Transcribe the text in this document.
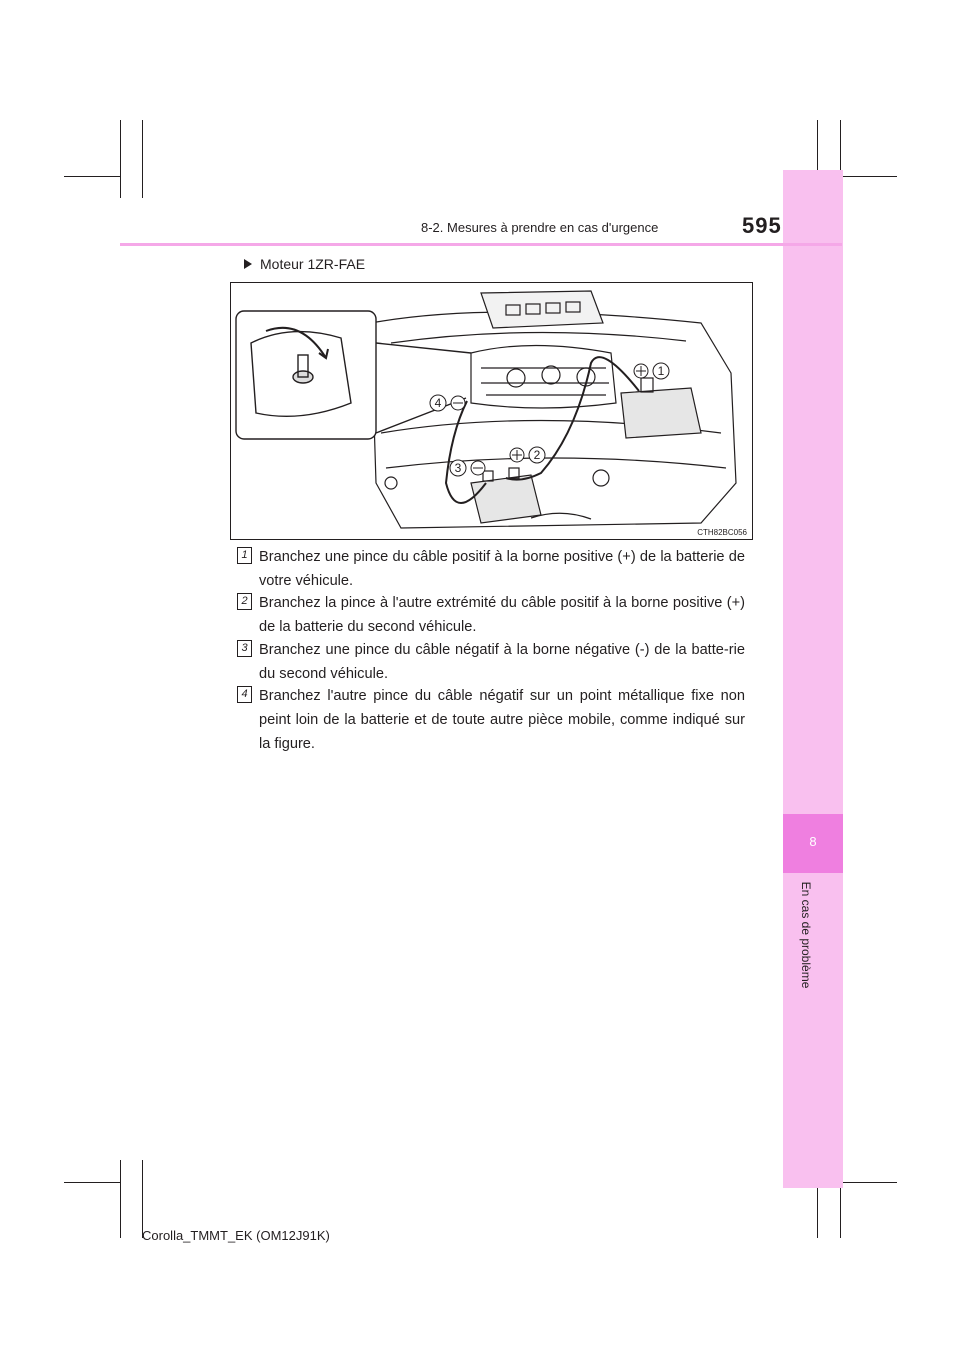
8
En cas de problème
8-2. Mesures à prendre en cas d'urgence	595
Moteur 1ZR-FAE
1
2
3
4
CTH82BC056
1 Branchez une pince du câble positif à la borne positive (+) de la batterie de votre véhicule.
2 Branchez la pince à l'autre extrémité du câble positif à la borne positive (+) de la batterie du second véhicule.
3 Branchez une pince du câble négatif à la borne négative (-) de la batte-rie du second véhicule.
4 Branchez l'autre pince du câble négatif sur un point métallique fixe non peint loin de la batterie et de toute autre pièce mobile, comme indiqué sur la figure.
Corolla_TMMT_EK (OM12J91K)
